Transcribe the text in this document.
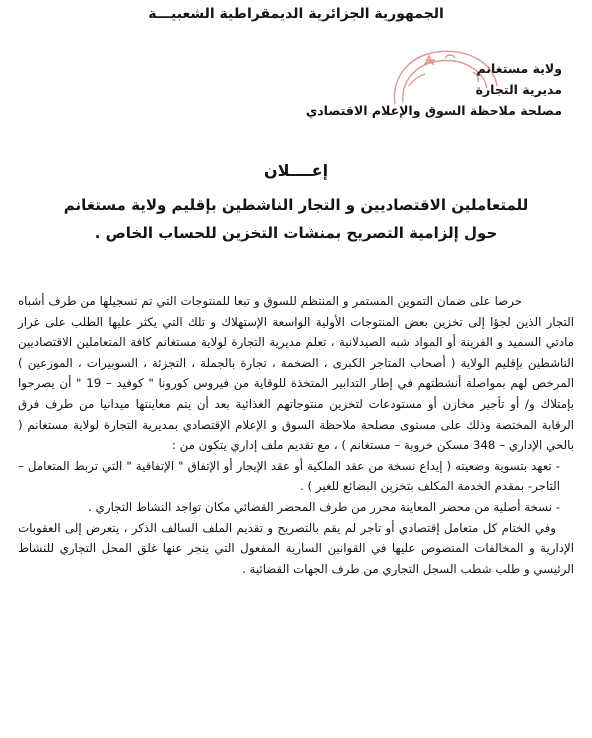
الجمهورية الجزائرية الديمقراطية الشعبيـــة
ولاية مستغانم
مديرية التجارة
مصلحة ملاحظة السوق والإعلام الاقتصادي
إعــــلان
للمتعاملين الاقتصاديين و التجار الناشطين بإقليم ولاية مستغانم
حول إلزامية التصريح بمنشات التخزين للحساب الخاص .

حرصا على ضمان التموين المستمر و المنتظم للسوق و تبعا للمنتوجات التي تم تسجيلها من طرف أشباه التجار الذين لجؤا إلى تخزين بعض المنتوجات الأولية الواسعة الإستهلاك و تلك التي يكثر عليها الطلب على غرار مادتي السميد و الفرينة أو المواد شبه الصيدلانية ، تعلم مديرية التجارة لولاية مستغانم كافة المتعاملين الاقتصاديين الناشطين بإقليم الولاية ( أصحاب المتاجر الكبرى ، الضخمة ، تجارة بالجملة ، التجزئة ، السوبيرات ، الموزعين ) المرخص لهم بمواصلة أنشطتهم في إطار التدابير المتخذة للوقاية من فيروس كورونا " كوفيد – 19 " أن يصرحوا بإمتلاك و/ أو تأجير مخازن أو مستودعات لتخزين منتوجاتهم الغذائية بعد أن يتم معاينتها ميدانيا من طرف فرق الرقابة المختصة وذلك على مستوى مصلحة ملاحظة السوق و الإعلام الإقتصادي بمديرية التجارة لولاية مستغانم ( بالحي الإداري – 348 مسكن خروبة – مستغانم ) ، مع تقديم ملف إداري يتكون من :

- تعهد بتسوية وضعيته ( إيداع نسخة من عقد الملكية أو عقد الإيجار أو الإتفاق " الإتفاقية " التي تربط المتعامل – التاجر- بمقدم الخدمة المكلف بتخزين البضائع للغير ) .

- نسخة أصلية من محضر المعاينة محرر من طرف المحضر القضائي مكان تواجد النشاط التجاري .

وفي الختام كل متعامل إقتصادي أو تاجر لم يقم بالتصريح و تقديم الملف السالف الذكر ، يتعرض إلى العقوبات الإدارية و المخالفات المنصوص عليها في القوانين السارية المفعول التي ينجر عنها غلق المحل التجاري للنشاط الرئيسي و طلب شطب السجل التجاري من طرف الجهات القضائية .
